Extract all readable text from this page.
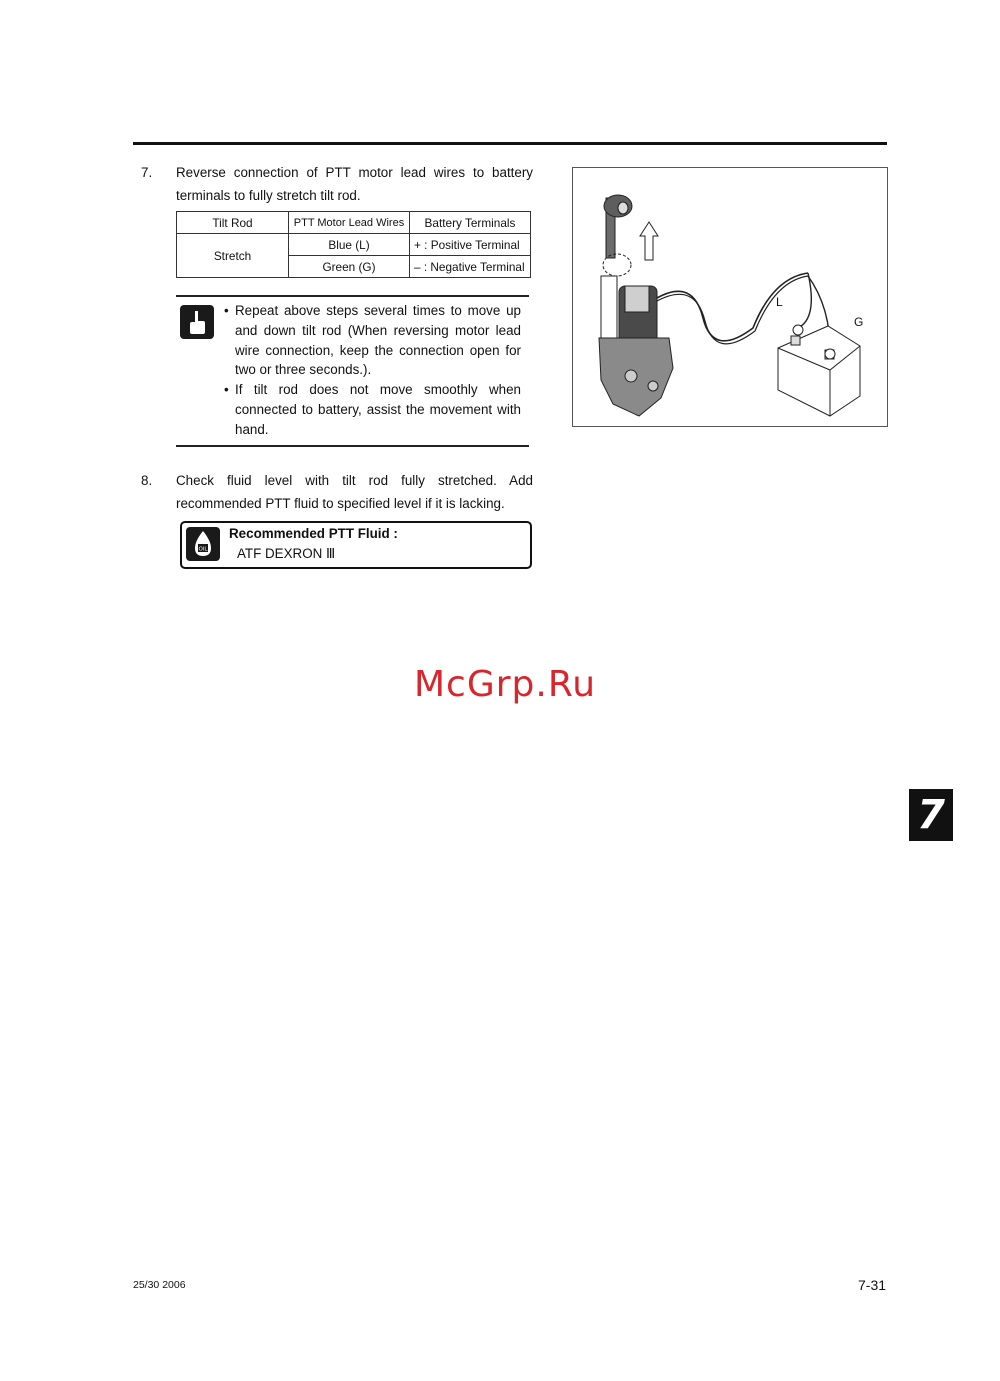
7. Reverse connection of PTT motor lead wires to battery terminals to fully stretch tilt rod.
Tilt Rod	PTT Motor Lead Wires	Battery Terminals
Stretch	Blue (L)	+ : Positive Terminal
	Green (G)	– : Negative Terminal
• Repeat above steps several times to move up and down tilt rod (When reversing motor lead wire connection, keep the connection open for two or three seconds.).
• If tilt rod does not move smoothly when connected to battery, assist the movement with hand.
8. Check fluid level with tilt rod fully stretched. Add recommended PTT fluid to specified level if it is lacking.
OIL
Recommended PTT Fluid :
ATF DEXRON Ⅲ
L
G
McGrp.Ru
7
25/30 2006	7-31
